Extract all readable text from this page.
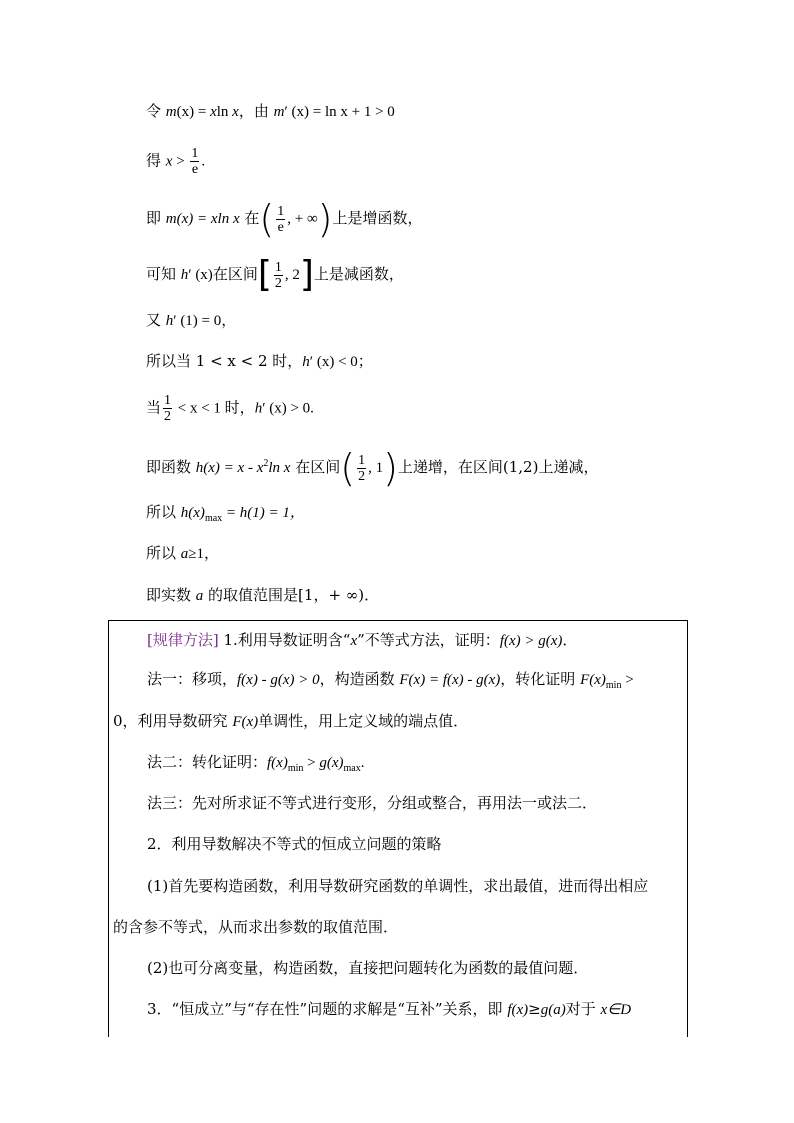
令 m(x) = xln x，由 m′ (x) = ln x + 1 > 0
得 $x > \frac{1}{e}$ .
即 m(x) = xln x 在( $\frac{1}{e}$ , + ∞)上是增函数，
可知 h′ (x)在区间[ $\frac{1}{2}$ , 2]上是减函数，
又 h′ (1) = 0，
所以当 1 < x < 2 时，h′ (x) < 0；
当 $\frac{1}{2} < x < 1$ 时，h′ (x) > 0.
即函数 $h(x) = x - x^2\ln$ x 在区间( $\frac{1}{2}$ , 1)上递增，在区间(1,2)上递减，
所以 $h(x)_{max} = h(1) = 1$，
所以 a≥1，
即实数 a 的取值范围是[1，+ ∞)．
[规律方法] 1.利用导数证明含“x”不等式方法，证明：f(x) > g(x)．
法一：移项，f(x) - g(x) > 0，构造函数 F(x) = f(x) - g(x)，转化证明 $F(x)_{min}$ >
0，利用导数研究 F(x)单调性，用上定义域的端点值．
法二：转化证明：$f(x)_{min} > g(x)_{max}$.
法三：先对所求证不等式进行变形，分组或整合，再用法一或法二．
2．利用导数解决不等式的恒成立问题的策略
(1)首先要构造函数，利用导数研究函数的单调性，求出最值，进而得出相应
的含参不等式，从而求出参数的取值范围．
(2)也可分离变量，构造函数，直接把问题转化为函数的最值问题．
3．“恒成立”与“存在性”问题的求解是“互补”关系，即 f(x)≥g(a)对于 x∈D
